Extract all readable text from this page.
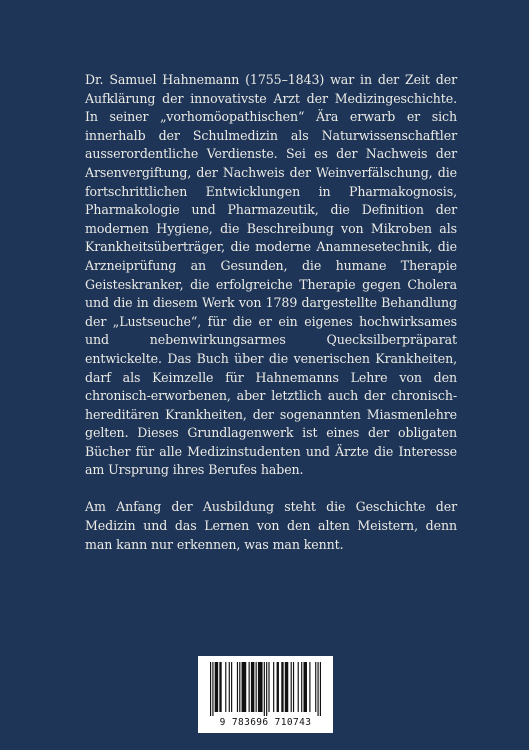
Dr. Samuel Hahnemann (1755–1843) war in der Zeit der Aufklärung der innovativste Arzt der Medizingeschichte. In seiner „vorhomöopathischen“ Ära erwarb er sich innerhalb der Schulmedizin als Naturwissenschaftler ausserordentliche Verdienste. Sei es der Nachweis der Arsenvergiftung, der Nachweis der Weinverfälschung, die fortschrittlichen Entwicklungen in Pharmakognosis, Pharmakologie und Pharmazeutik, die Definition der modernen Hygiene, die Beschreibung von Mikroben als Krankheitsüberträger, die moderne Anamnesetechnik, die Arzneiprüfung an Gesunden, die humane Therapie Geisteskranker, die erfolgreiche Therapie gegen Cholera und die in diesem Werk von 1789 dargestellte Behandlung der „Lustseuche“, für die er ein eigenes hochwirksames und nebenwirkungsarmes Quecksilberpräparat entwickelte. Das Buch über die venerischen Krankheiten, darf als Keimzelle für Hahnemanns Lehre von den chronisch-erworbenen, aber letztlich auch der chronisch-hereditären Krankheiten, der sogenannten Miasmenlehre gelten. Dieses Grundlagenwerk ist eines der obligaten Bücher für alle Medizinstudenten und Ärzte die Interesse am Ursprung ihres Berufes haben.

Am Anfang der Ausbildung steht die Geschichte der Medizin und das Lernen von den alten Meistern, denn man kann nur erkennen, was man kennt.

9 783696 710743
